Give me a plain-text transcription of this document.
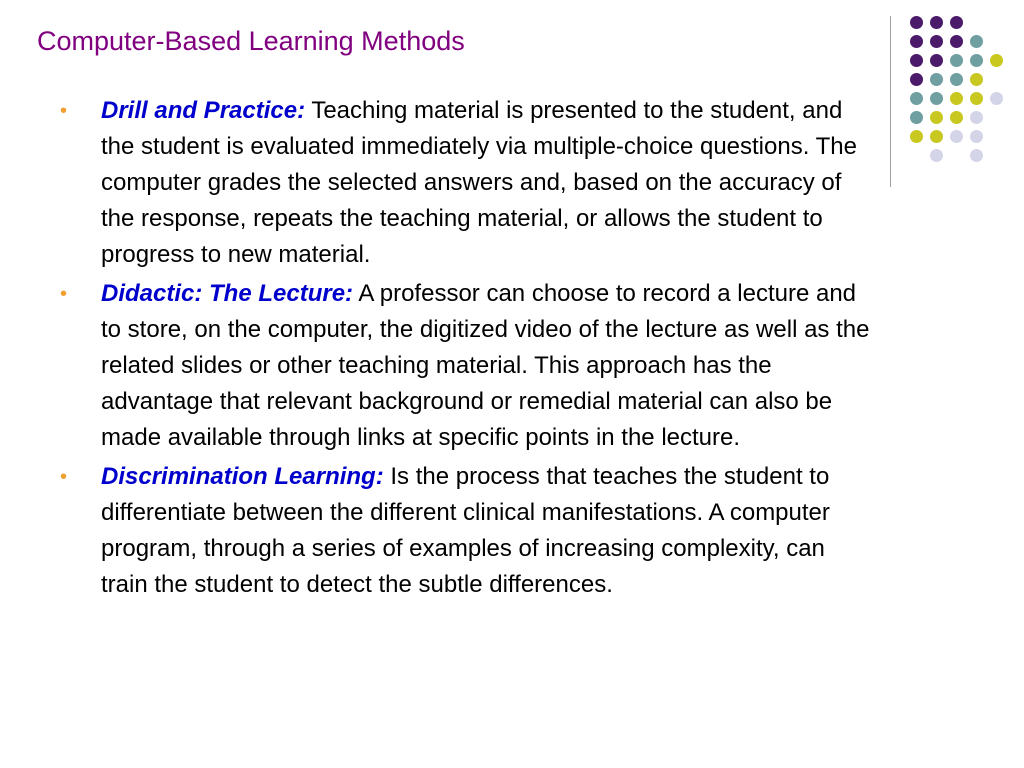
Computer-Based Learning Methods
• Drill and Practice: Teaching material is presented to the student, and the student is evaluated immediately via multiple-choice questions. The computer grades the selected answers and, based on the accuracy of the response, repeats the teaching material, or allows the student to progress to new material.
• Didactic: The Lecture: A professor can choose to record a lecture and to store, on the computer, the digitized video of the lecture as well as the related slides or other teaching material. This approach has the advantage that relevant background or remedial material can also be made available through links at specific points in the lecture.
• Discrimination Learning: Is the process that teaches the student to differentiate between the different clinical manifestations. A computer program, through a series of examples of increasing complexity, can train the student to detect the subtle differences.
